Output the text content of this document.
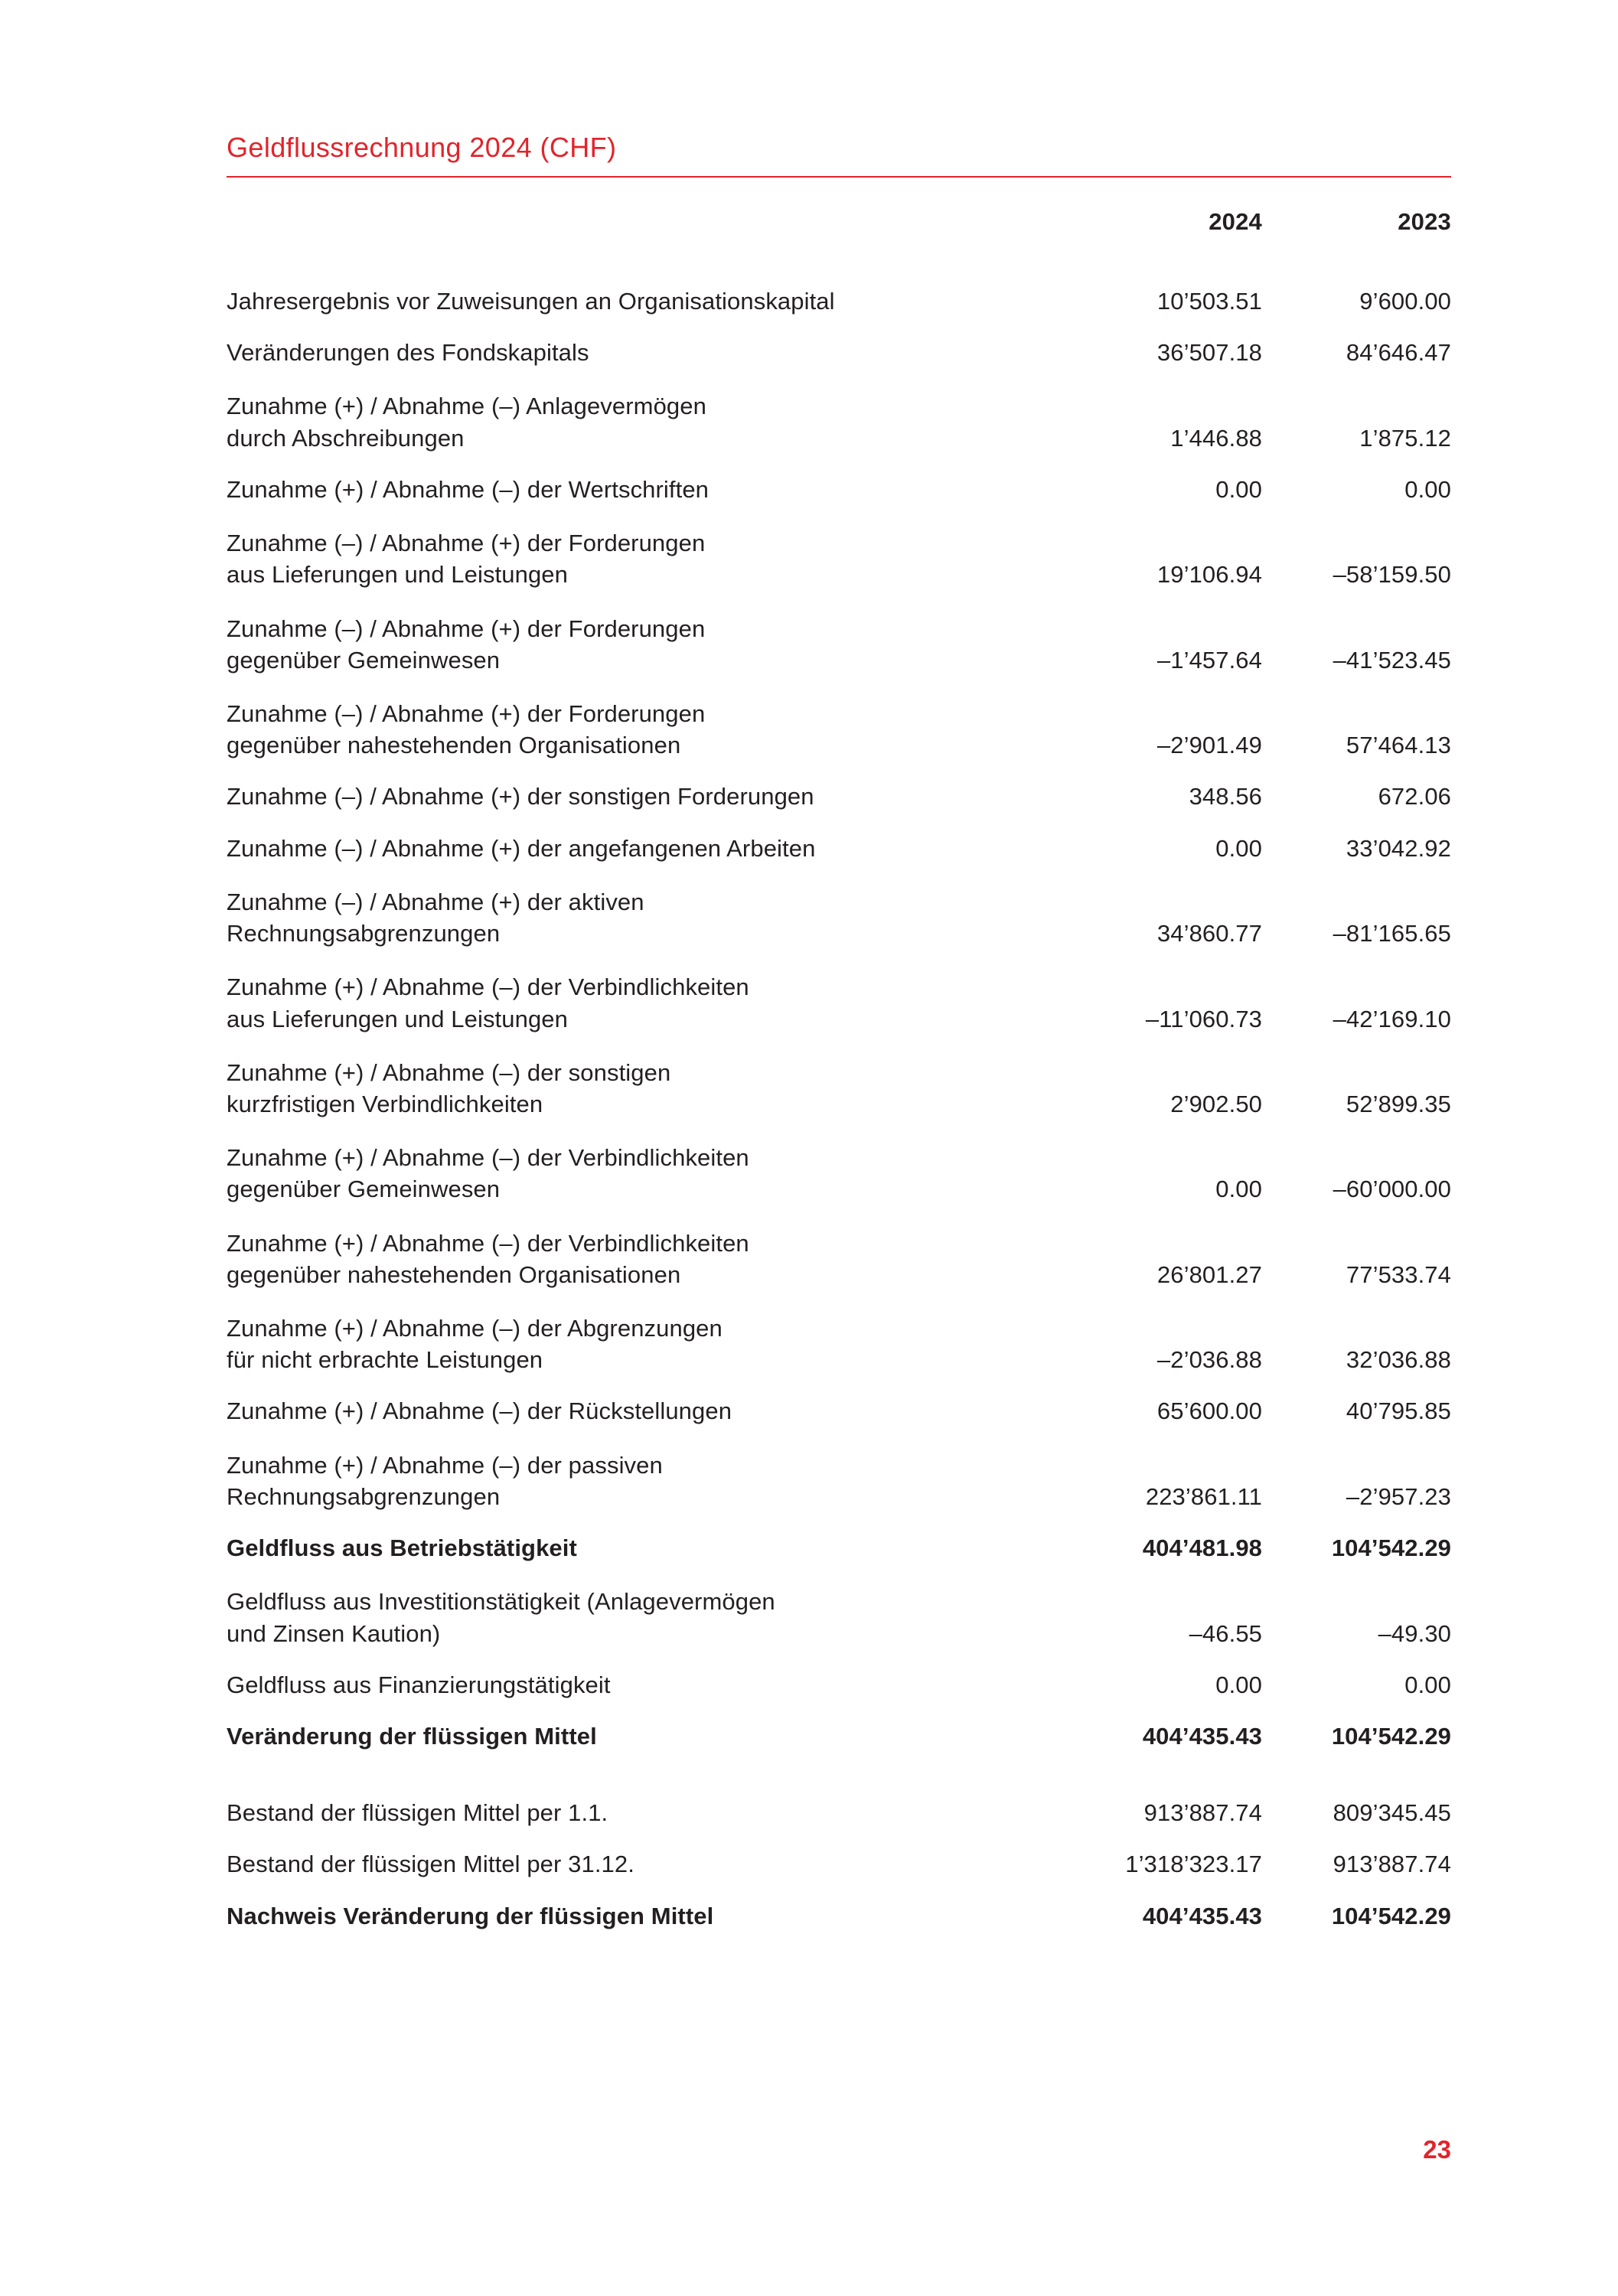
Geldflussrechnung 2024 (CHF)
	2024	2023
Jahresergebnis vor Zuweisungen an Organisationskapital	10’503.51	9’600.00
Veränderungen des Fondskapitals	36’507.18	84’646.47
Zunahme (+) / Abnahme (–) Anlagevermögen
durch Abschreibungen	1’446.88	1’875.12
Zunahme (+) / Abnahme (–) der Wertschriften	0.00	0.00
Zunahme (–) / Abnahme (+) der Forderungen
aus Lieferungen und Leistungen	19’106.94	–58’159.50
Zunahme (–) / Abnahme (+) der Forderungen
gegenüber Gemeinwesen	–1’457.64	–41’523.45
Zunahme (–) / Abnahme (+) der Forderungen
gegenüber nahestehenden Organisationen	–2’901.49	57’464.13
Zunahme (–) / Abnahme (+) der sonstigen Forderungen	348.56	672.06
Zunahme (–) / Abnahme (+) der angefangenen Arbeiten	0.00	33’042.92
Zunahme (–) / Abnahme (+) der aktiven
Rechnungsabgrenzungen	34’860.77	–81’165.65
Zunahme (+) / Abnahme (–) der Verbindlichkeiten
aus Lieferungen und Leistungen	–11’060.73	–42’169.10
Zunahme (+) / Abnahme (–) der sonstigen
kurzfristigen Verbindlichkeiten	2’902.50	52’899.35
Zunahme (+) / Abnahme (–) der Verbindlichkeiten
gegenüber Gemeinwesen	0.00	–60’000.00
Zunahme (+) / Abnahme (–) der Verbindlichkeiten
gegenüber nahestehenden Organisationen	26’801.27	77’533.74
Zunahme (+) / Abnahme (–) der Abgrenzungen
für nicht erbrachte Leistungen	–2’036.88	32’036.88
Zunahme (+) / Abnahme (–) der Rückstellungen	65’600.00	40’795.85
Zunahme (+) / Abnahme (–) der passiven
Rechnungsabgrenzungen	223’861.11	–2’957.23
Geldfluss aus Betriebstätigkeit	404’481.98	104’542.29
Geldfluss aus Investitionstätigkeit (Anlagevermögen
und Zinsen Kaution)	–46.55	–49.30
Geldfluss aus Finanzierungstätigkeit	0.00	0.00
Veränderung der flüssigen Mittel	404’435.43	104’542.29
Bestand der flüssigen Mittel per 1.1.	913’887.74	809’345.45
Bestand der flüssigen Mittel per 31.12.	1’318’323.17	913’887.74
Nachweis Veränderung der flüssigen Mittel	404’435.43	104’542.29
23
